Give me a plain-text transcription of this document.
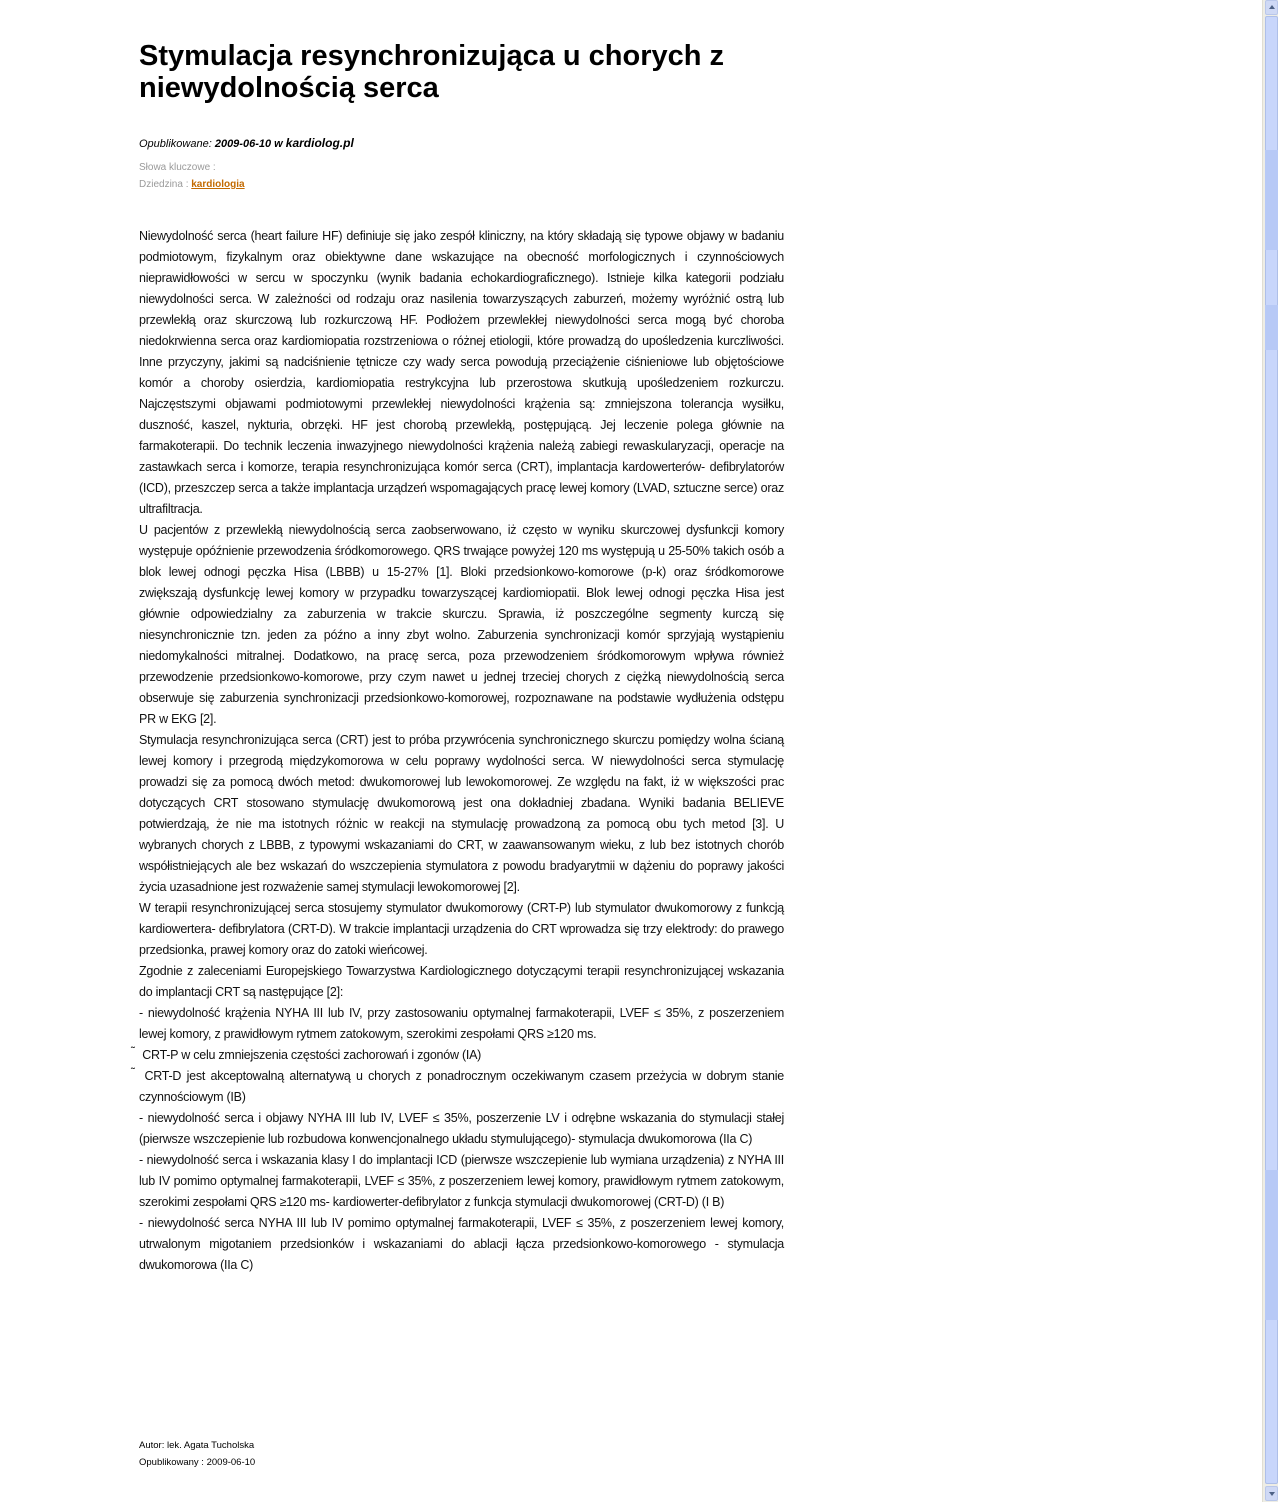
Stymulacja resynchronizująca u chorych z niewydolnością serca
Opublikowane: 2009-06-10 w kardiolog.pl
Słowa kluczowe :
Dziedzina : kardiologia

Niewydolność serca (heart failure HF) definiuje się jako zespół kliniczny, na który składają się typowe objawy w badaniu podmiotowym, fizykalnym oraz obiektywne dane wskazujące na obecność morfologicznych i czynnościowych nieprawidłowości w sercu w spoczynku (wynik badania echokardiograficznego). Istnieje kilka kategorii podziału niewydolności serca. W zależności od rodzaju oraz nasilenia towarzyszących zaburzeń, możemy wyróżnić ostrą lub przewlekłą oraz skurczową lub rozkurczową HF. Podłożem przewlekłej niewydolności serca mogą być choroba niedokrwienna serca oraz kardiomiopatia rozstrzeniowa o różnej etiologii, które prowadzą do upośledzenia kurczliwości. Inne przyczyny, jakimi są nadciśnienie tętnicze czy wady serca powodują przeciążenie ciśnieniowe lub objętościowe komór a choroby osierdzia, kardiomiopatia restrykcyjna lub przerostowa skutkują upośledzeniem rozkurczu. Najczęstszymi objawami podmiotowymi przewlekłej niewydolności krążenia są: zmniejszona tolerancja wysiłku, duszność, kaszel, nykturia, obrzęki. HF jest chorobą przewlekłą, postępującą. Jej leczenie polega głównie na farmakoterapii. Do technik leczenia inwazyjnego niewydolności krążenia należą zabiegi rewaskularyzacji, operacje na zastawkach serca i komorze, terapia resynchronizująca komór serca (CRT), implantacja kardowerterów- defibrylatorów (ICD), przeszczep serca a także implantacja urządzeń wspomagających pracę lewej komory (LVAD, sztuczne serce) oraz ultrafiltracja.

U pacjentów z przewlekłą niewydolnością serca zaobserwowano, iż często w wyniku skurczowej dysfunkcji komory występuje opóźnienie przewodzenia śródkomorowego. QRS trwające powyżej 120 ms występują u 25-50% takich osób a blok lewej odnogi pęczka Hisa (LBBB) u 15-27% [1]. Bloki przedsionkowo-komorowe (p-k) oraz śródkomorowe zwiększają dysfunkcję lewej komory w przypadku towarzyszącej kardiomiopatii. Blok lewej odnogi pęczka Hisa jest głównie odpowiedzialny za zaburzenia w trakcie skurczu. Sprawia, iż poszczególne segmenty kurczą się niesynchronicznie tzn. jeden za późno a inny zbyt wolno. Zaburzenia synchronizacji komór sprzyjają wystąpieniu niedomykalności mitralnej. Dodatkowo, na pracę serca, poza przewodzeniem śródkomorowym wpływa również przewodzenie przedsionkowo-komorowe, przy czym nawet u jednej trzeciej chorych z ciężką niewydolnością serca obserwuje się zaburzenia synchronizacji przedsionkowo-komorowej, rozpoznawane na podstawie wydłużenia odstępu PR w EKG [2].

Stymulacja resynchronizująca serca (CRT) jest to próba przywrócenia synchronicznego skurczu pomiędzy wolna ścianą lewej komory i przegrodą międzykomorowa w celu poprawy wydolności serca. W niewydolności serca stymulację prowadzi się za pomocą dwóch metod: dwukomorowej lub lewokomorowej. Ze względu na fakt, iż w większości prac dotyczących CRT stosowano stymulację dwukomorową jest ona dokładniej zbadana. Wyniki badania BELIEVE potwierdzają, że nie ma istotnych różnic w reakcji na stymulację prowadzoną za pomocą obu tych metod [3]. U wybranych chorych z LBBB, z typowymi wskazaniami do CRT, w zaawansowanym wieku, z lub bez istotnych chorób współistniejących ale bez wskazań do wszczepienia stymulatora z powodu bradyarytmii w dążeniu do poprawy jakości życia uzasadnione jest rozważenie samej stymulacji lewokomorowej [2].

W terapii resynchronizującej serca stosujemy stymulator dwukomorowy (CRT-P) lub stymulator dwukomorowy z funkcją kardiowertera- defibrylatora (CRT-D). W trakcie implantacji urządzenia do CRT wprowadza się trzy elektrody: do prawego przedsionka, prawej komory oraz do zatoki wieńcowej.

Zgodnie z zaleceniami Europejskiego Towarzystwa Kardiologicznego dotyczącymi terapii resynchronizującej wskazania do implantacji CRT są następujące [2]:

- niewydolność krążenia NYHA III lub IV, przy zastosowaniu optymalnej farmakoterapii, LVEF ≤ 35%, z poszerzeniem lewej komory, z prawidłowym rytmem zatokowym, szerokimi zespołami QRS ≥120 ms.

˜ CRT-P w celu zmniejszenia częstości zachorowań i zgonów (IA)

˜ CRT-D jest akceptowalną alternatywą u chorych z ponadrocznym oczekiwanym czasem przeżycia w dobrym stanie czynnościowym (IB)

- niewydolność serca i objawy NYHA III lub IV, LVEF ≤ 35%, poszerzenie LV i odrębne wskazania do stymulacji stałej (pierwsze wszczepienie lub rozbudowa konwencjonalnego układu stymulującego)- stymulacja dwukomorowa (IIa C)

- niewydolność serca i wskazania klasy I do implantacji ICD (pierwsze wszczepienie lub wymiana urządzenia) z NYHA III lub IV pomimo optymalnej farmakoterapii, LVEF ≤ 35%, z poszerzeniem lewej komory, prawidłowym rytmem zatokowym, szerokimi zespołami QRS ≥120 ms- kardiowerter-defibrylator z funkcja stymulacji dwukomorowej (CRT-D) (I B)

- niewydolność serca NYHA III lub IV pomimo optymalnej farmakoterapii, LVEF ≤ 35%, z poszerzeniem lewej komory, utrwalonym migotaniem przedsionków i wskazaniami do ablacji łącza przedsionkowo-komorowego - stymulacja dwukomorowa (IIa C)

Autor: lek. Agata Tucholska
Opublikowany : 2009-06-10
